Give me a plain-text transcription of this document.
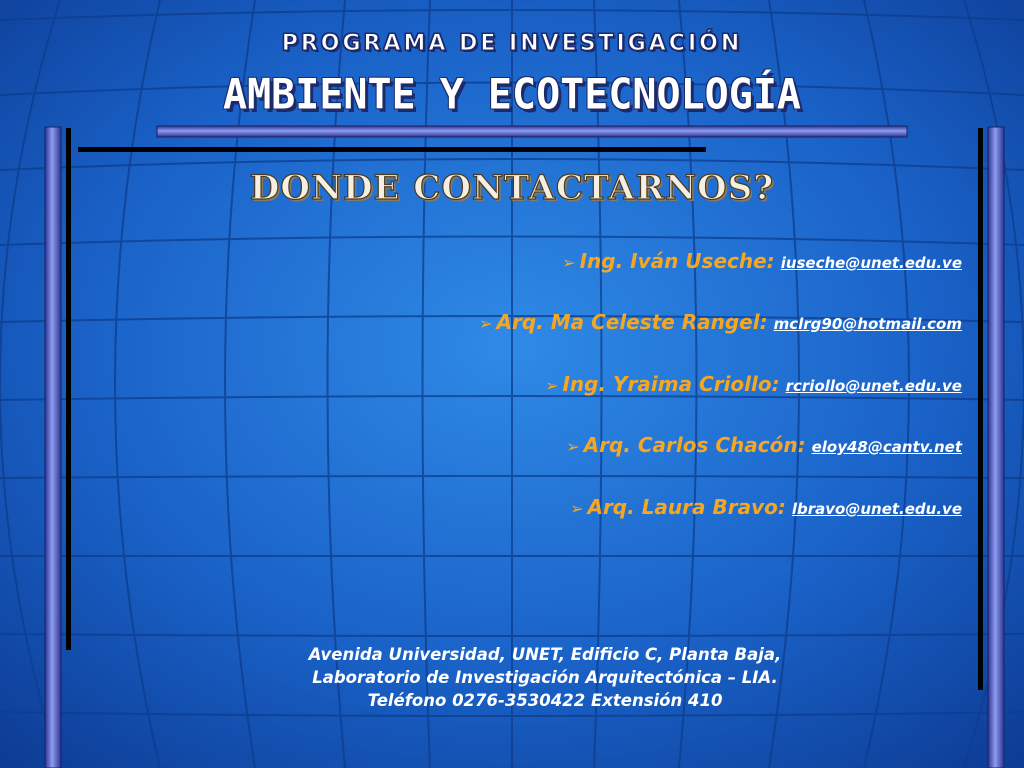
PROGRAMA DE INVESTIGACIÓN
AMBIENTE Y ECOTECNOLOGÍA
DONDE CONTACTARNOS?
➢ Ing. Iván Useche: iuseche@unet.edu.ve
➢ Arq. Ma Celeste Rangel: mclrg90@hotmail.com
➢ Ing. Yraima Criollo: rcriollo@unet.edu.ve
➢ Arq. Carlos Chacón: eloy48@cantv.net
➢ Arq. Laura Bravo: lbravo@unet.edu.ve
Avenida Universidad, UNET, Edificio C, Planta Baja,
Laboratorio de Investigación Arquitectónica – LIA.
Teléfono 0276-3530422 Extensión 410
